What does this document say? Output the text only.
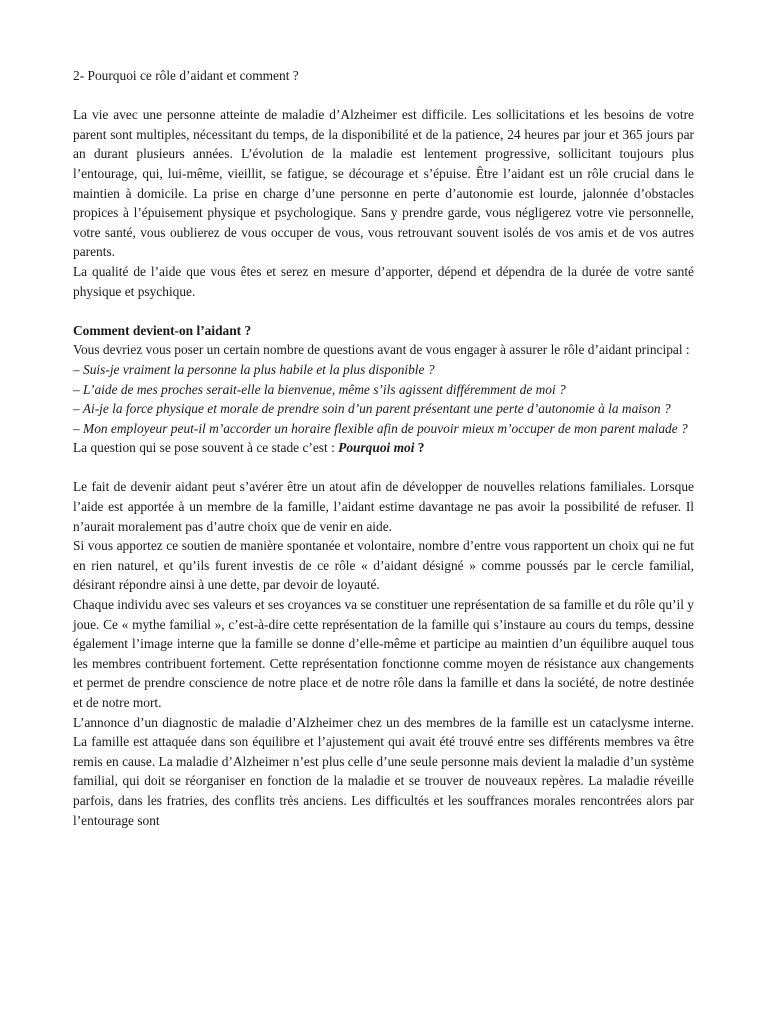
2- Pourquoi ce rôle d’aidant et comment ?

La vie avec une personne atteinte de maladie d’Alzheimer est difficile. Les sollicitations et les besoins de votre parent sont multiples, nécessitant du temps, de la disponibilité et de la patience, 24 heures par jour et 365 jours par an durant plusieurs années. L’évolution de la maladie est lentement progressive, sollicitant toujours plus l’entourage, qui, lui-même, vieillit, se fatigue, se décourage et s’épuise. Être l’aidant est un rôle crucial dans le maintien à domicile. La prise en charge d’une personne en perte d’autonomie est lourde, jalonnée d’obstacles propices à l’épuisement physique et psychologique. Sans y prendre garde, vous négligerez votre vie personnelle, votre santé, vous oublierez de vous occuper de vous, vous retrouvant souvent isolés de vos amis et de vos autres parents.

La qualité de l’aide que vous êtes et serez en mesure d’apporter, dépend et dépendra de la durée de votre santé physique et psychique.

Comment devient-on l’aidant ?

Vous devriez vous poser un certain nombre de questions avant de vous engager à assurer le rôle d’aidant principal :

– Suis-je vraiment la personne la plus habile et la plus disponible ?

– L’aide de mes proches serait-elle la bienvenue, même s’ils agissent différemment de moi ?

– Ai-je la force physique et morale de prendre soin d’un parent présentant une perte d’autonomie à la maison ?

– Mon employeur peut-il m’accorder un horaire flexible afin de pouvoir mieux m’occuper de mon parent malade ?

La question qui se pose souvent à ce stade c’est : Pourquoi moi ?

Le fait de devenir aidant peut s’avérer être un atout afin de développer de nouvelles relations familiales. Lorsque l’aide est apportée à un membre de la famille, l’aidant estime davantage ne pas avoir la possibilité de refuser. Il n’aurait moralement pas d’autre choix que de venir en aide.

Si vous apportez ce soutien de manière spontanée et volontaire, nombre d’entre vous rapportent un choix qui ne fut en rien naturel, et qu’ils furent investis de ce rôle « d’aidant désigné » comme poussés par le cercle familial, désirant répondre ainsi à une dette, par devoir de loyauté.

Chaque individu avec ses valeurs et ses croyances va se constituer une représentation de sa famille et du rôle qu’il y joue. Ce « mythe familial », c’est-à-dire cette représentation de la famille qui s’instaure au cours du temps, dessine également l’image interne que la famille se donne d’elle-même et participe au maintien d’un équilibre auquel tous les membres contribuent fortement. Cette représentation fonctionne comme moyen de résistance aux changements et permet de prendre conscience de notre place et de notre rôle dans la famille et dans la société, de notre destinée et de notre mort.

L’annonce d’un diagnostic de maladie d’Alzheimer chez un des membres de la famille est un cataclysme interne. La famille est attaquée dans son équilibre et l’ajustement qui avait été trouvé entre ses différents membres va être remis en cause. La maladie d’Alzheimer n’est plus celle d’une seule personne mais devient la maladie d’un système familial, qui doit se réorganiser en fonction de la maladie et se trouver de nouveaux repères. La maladie réveille parfois, dans les fratries, des conflits très anciens. Les difficultés et les souffrances morales rencontrées alors par l’entourage sont
